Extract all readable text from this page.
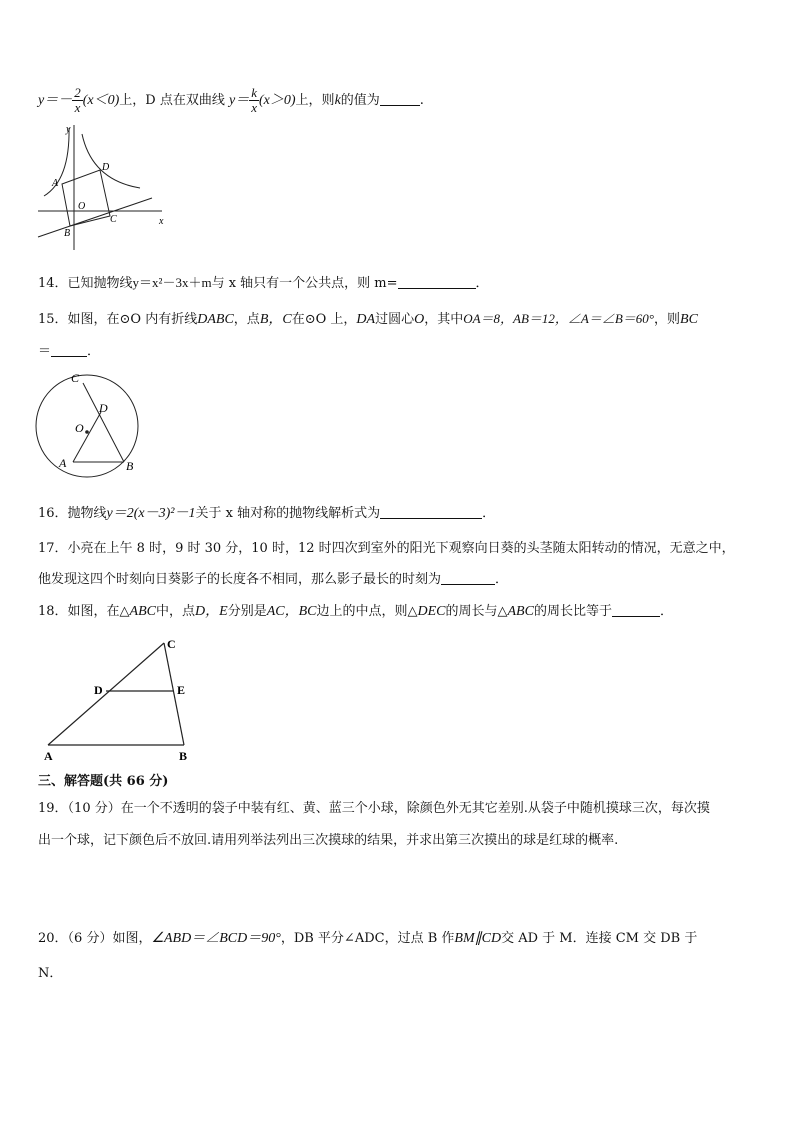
$y=- \frac{2}{x} (x<0)$上，D 点在双曲线 $y= \frac{k}{x} (x>0)$上，则k的值为	.
y
A
D
O
C
B
x
14．已知抛物线y＝x²－3x＋m与 x 轴只有一个公共点，则 m=	．
15．如图，在⊙O 内有折线DABC，点B，C在⊙O 上，DA过圆心O，其中OA＝8，AB＝12，∠A＝∠B＝60°，则BC
＝	．
C
D
O
A	B
16．抛物线y＝2(x－3)²－1关于 x 轴对称的抛物线解析式为	．
17．小亮在上午 8 时，9 时 30 分，10 时，12 时四次到室外的阳光下观察向日葵的头茎随太阳转动的情况，无意之中，
他发现这四个时刻向日葵影子的长度各不相同，那么影子最长的时刻为	．
18．如图，在△ABC中，点D，E分别是AC，BC边上的中点，则△DEC的周长与△ABC的周长比等于	．
C
D	E
A	B
三、解答题(共 66 分)
19．（10 分）在一个不透明的袋子中装有红、黄、蓝三个小球，除颜色外无其它差别.从袋子中随机摸球三次，每次摸
出一个球，记下颜色后不放回.请用列举法列出三次摸球的结果，并求出第三次摸出的球是红球的概率.
20．（6 分）如图，∠ABD＝∠BCD＝90°，DB 平分∠ADC，过点 B 作BM∥CD交 AD 于 M．连接 CM 交 DB 于
N．
